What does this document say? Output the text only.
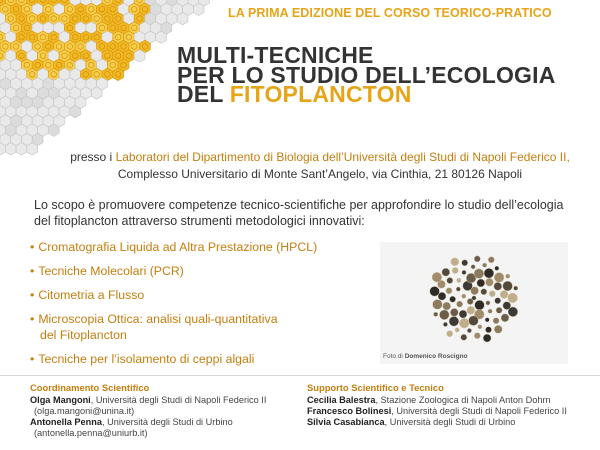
LA PRIMA EDIZIONE DEL CORSO TEORICO-PRATICO
MULTI-TECNICHE
PER LO STUDIO DELL’ECOLOGIA
DEL FITOPLANCTON
presso i Laboratori del Dipartimento di Biologia dell’Università degli Studi di Napoli Federico II,
Complesso Universitario di Monte Sant’Angelo, via Cinthia, 21 80126 Napoli
Lo scopo è promuovere competenze tecnico-scientifiche per approfondire lo studio dell’ecologia del fitoplancton attraverso strumenti metodologici innovativi:
• Cromatografia Liquida ad Altra Prestazione (HPCL)
• Tecniche Molecolari (PCR)
• Citometria a Flusso
• Microscopia Ottica: analisi quali-quantitativa
del Fitoplancton
• Tecniche per l’isolamento di ceppi algali	Foto di Domenico Roscigno
Coordinamento Scientifico
Olga Mangoni, Università degli Studi di Napoli Federico II
(olga.mangoni@unina.it)
Antonella Penna, Università degli Studi di Urbino
(antonella.penna@uniurb.it)
Supporto Scientifico e Tecnico
Cecilia Balestra, Stazione Zoologica di Napoli Anton Dohrn
Francesco Bolinesi, Università degli Studi di Napoli Federico II
Silvia Casabianca, Università degli Studi di Urbino
